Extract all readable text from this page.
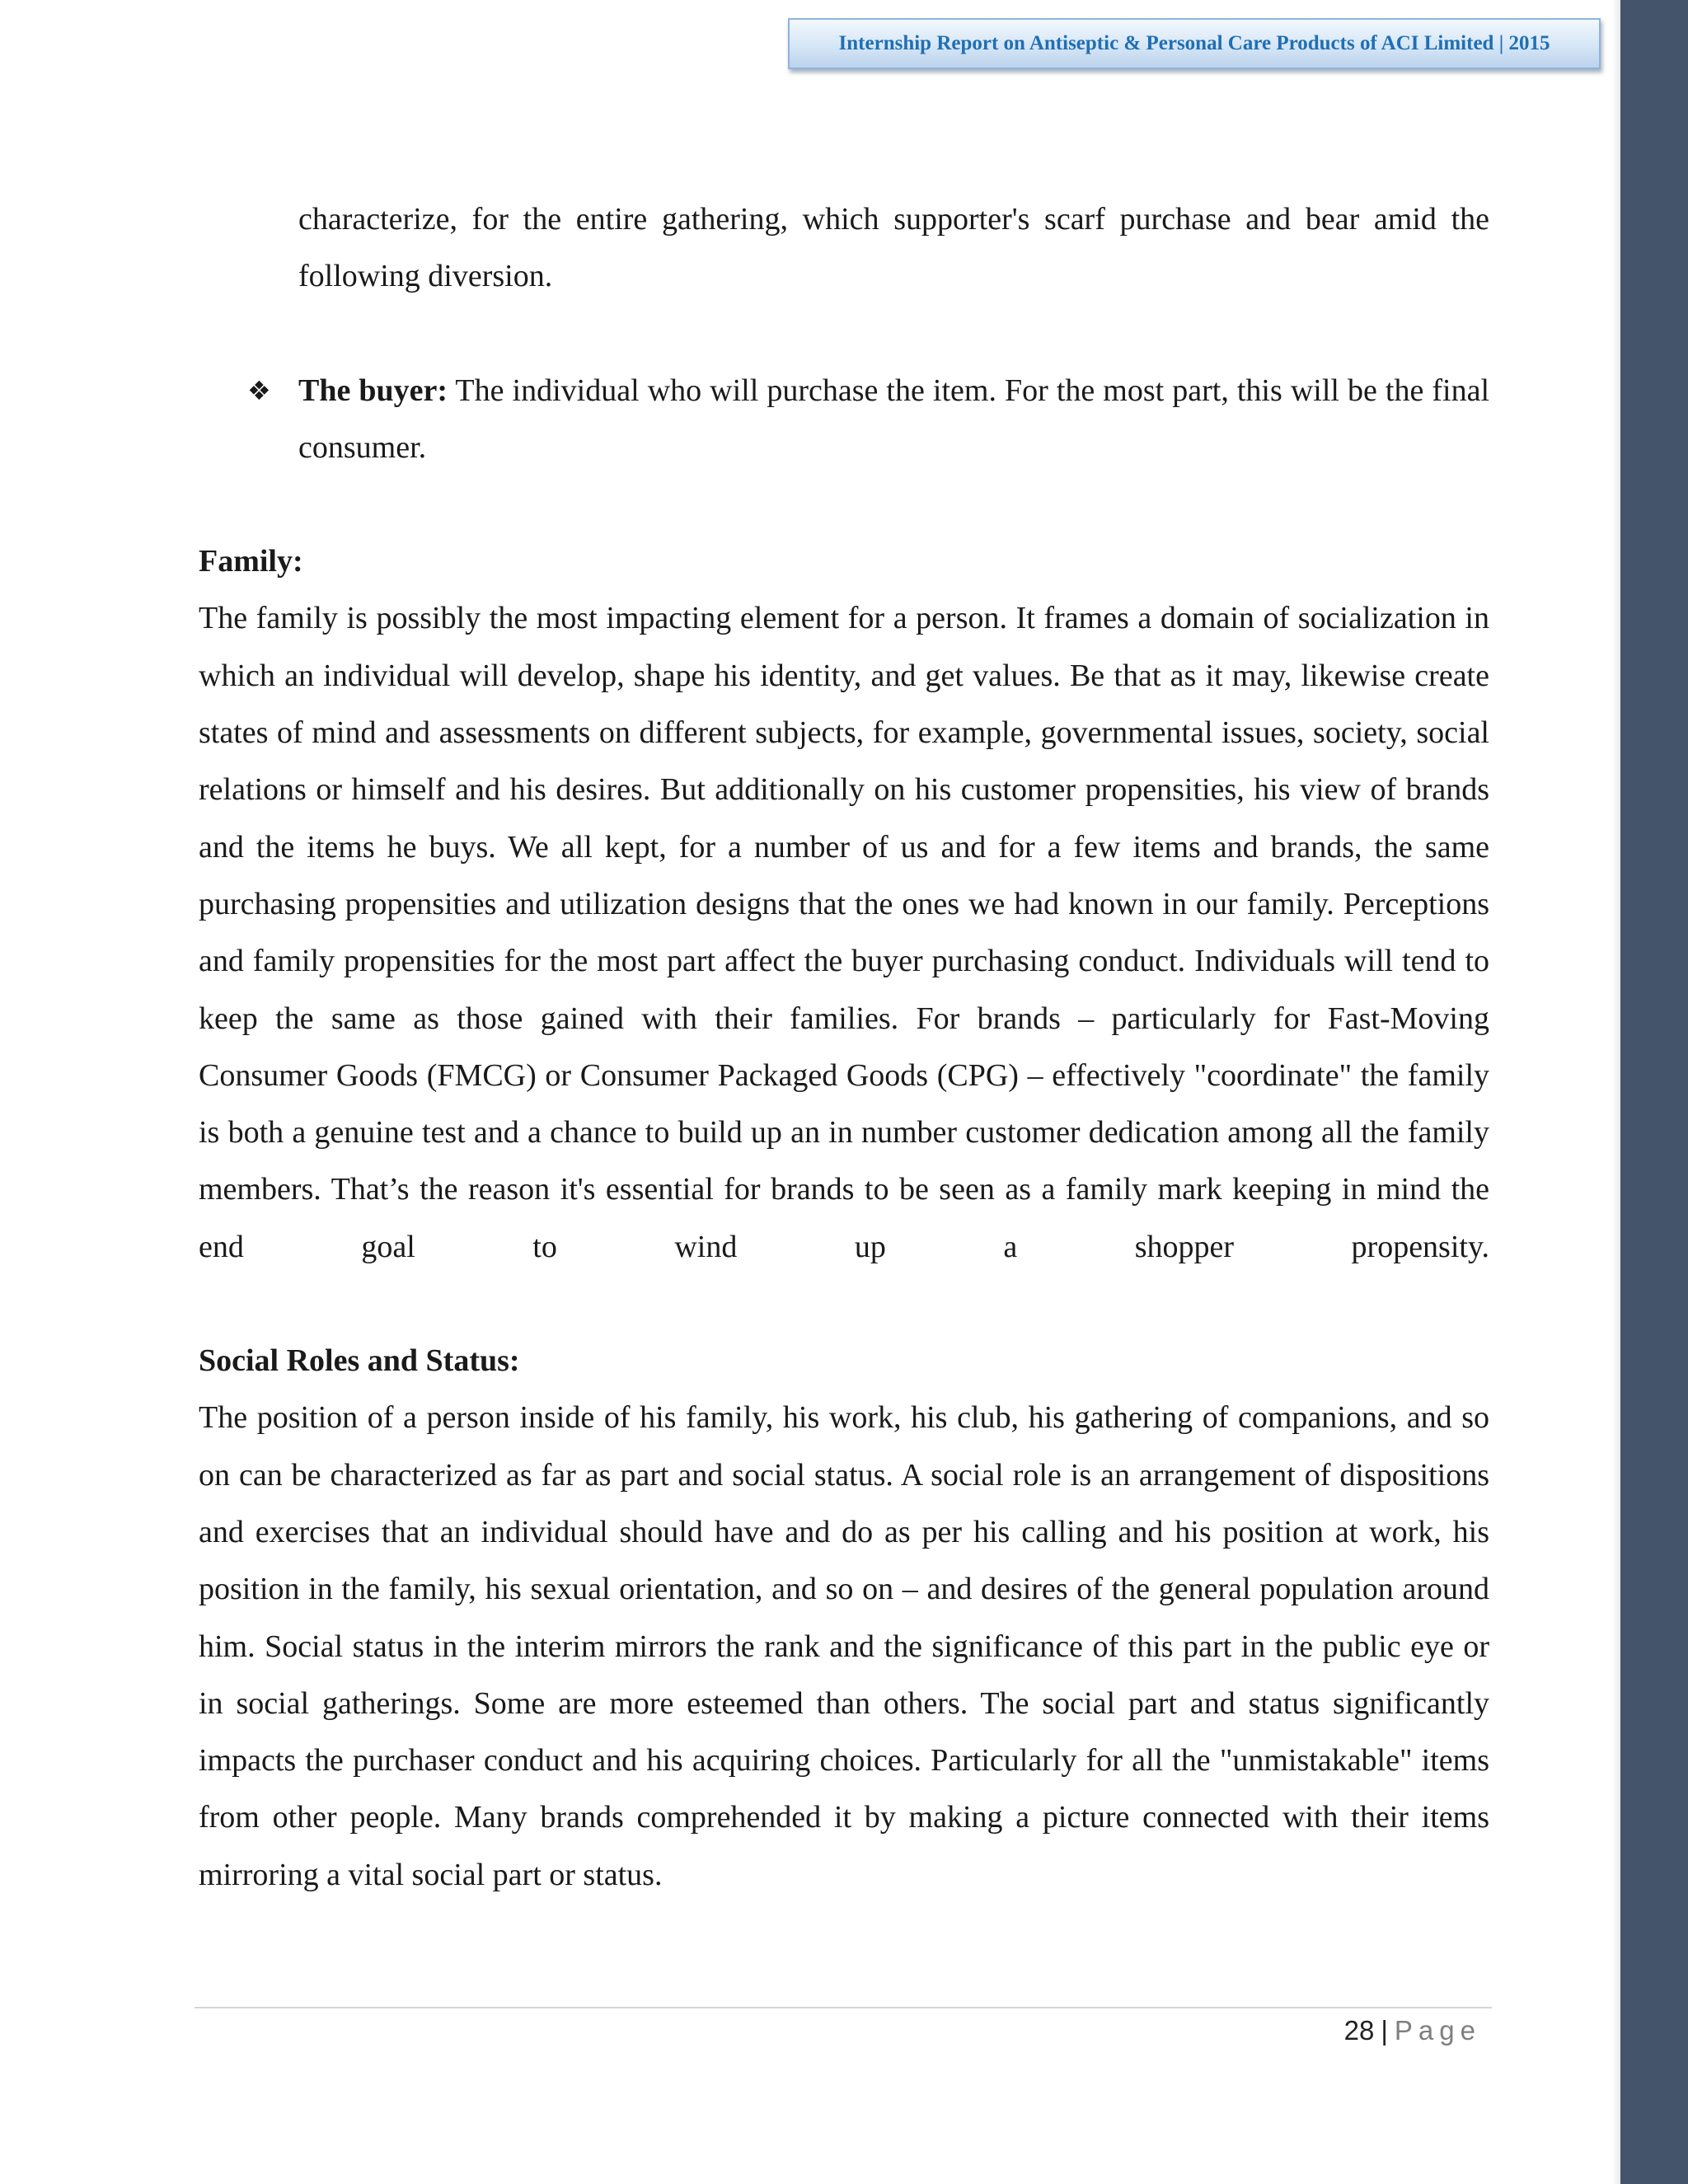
Internship Report on Antiseptic & Personal Care Products of ACI Limited | 2015

characterize, for the entire gathering, which supporter's scarf purchase and bear amid the following diversion.

❖ The buyer: The individual who will purchase the item. For the most part, this will be the final consumer.

Family:

The family is possibly the most impacting element for a person. It frames a domain of socialization in which an individual will develop, shape his identity, and get values. Be that as it may, likewise create states of mind and assessments on different subjects, for example, governmental issues, society, social relations or himself and his desires. But additionally on his customer propensities, his view of brands and the items he buys. We all kept, for a number of us and for a few items and brands, the same purchasing propensities and utilization designs that the ones we had known in our family. Perceptions and family propensities for the most part affect the buyer purchasing conduct. Individuals will tend to keep the same as those gained with their families. For brands – particularly for Fast-Moving Consumer Goods (FMCG) or Consumer Packaged Goods (CPG) – effectively "coordinate" the family is both a genuine test and a chance to build up an in number customer dedication among all the family members. That’s the reason it's essential for brands to be seen as a family mark keeping in mind the end goal to wind up a shopper propensity.

Social Roles and Status:

The position of a person inside of his family, his work, his club, his gathering of companions, and so on can be characterized as far as part and social status. A social role is an arrangement of dispositions and exercises that an individual should have and do as per his calling and his position at work, his position in the family, his sexual orientation, and so on – and desires of the general population around him. Social status in the interim mirrors the rank and the significance of this part in the public eye or in social gatherings. Some are more esteemed than others. The social part and status significantly impacts the purchaser conduct and his acquiring choices. Particularly for all the "unmistakable" items from other people. Many brands comprehended it by making a picture connected with their items mirroring a vital social part or status.

28 | Page
